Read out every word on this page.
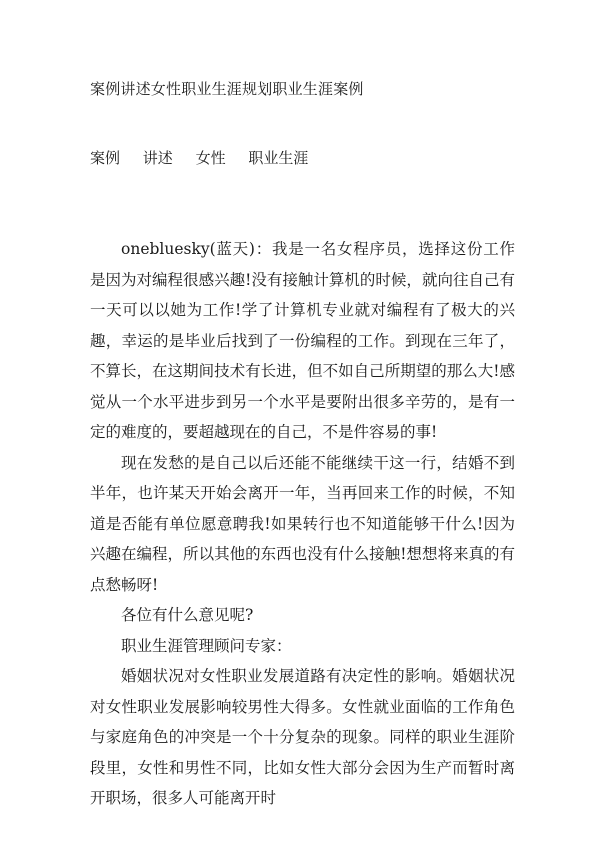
案例讲述女性职业生涯规划职业生涯案例
案例 讲述 女性 职业生涯

onebluesky(蓝天)：我是一名女程序员，选择这份工作是因为对编程很感兴趣!没有接触计算机的时候，就向往自己有一天可以以她为工作!学了计算机专业就对编程有了极大的兴趣，幸运的是毕业后找到了一份编程的工作。到现在三年了，不算长，在这期间技术有长进，但不如自己所期望的那么大!感觉从一个水平进步到另一个水平是要附出很多辛劳的，是有一定的难度的，要超越现在的自己，不是件容易的事!

现在发愁的是自己以后还能不能继续干这一行，结婚不到半年，也许某天开始会离开一年，当再回来工作的时候，不知道是否能有单位愿意聘我!如果转行也不知道能够干什么!因为兴趣在编程，所以其他的东西也没有什么接触!想想将来真的有点愁畅呀!

各位有什么意见呢?

职业生涯管理顾问专家：

婚姻状况对女性职业发展道路有决定性的影响。婚姻状况对女性职业发展影响较男性大得多。女性就业面临的工作角色与家庭角色的冲突是一个十分复杂的现象。同样的职业生涯阶段里，女性和男性不同，比如女性大部分会因为生产而暂时离开职场，很多人可能离开时
